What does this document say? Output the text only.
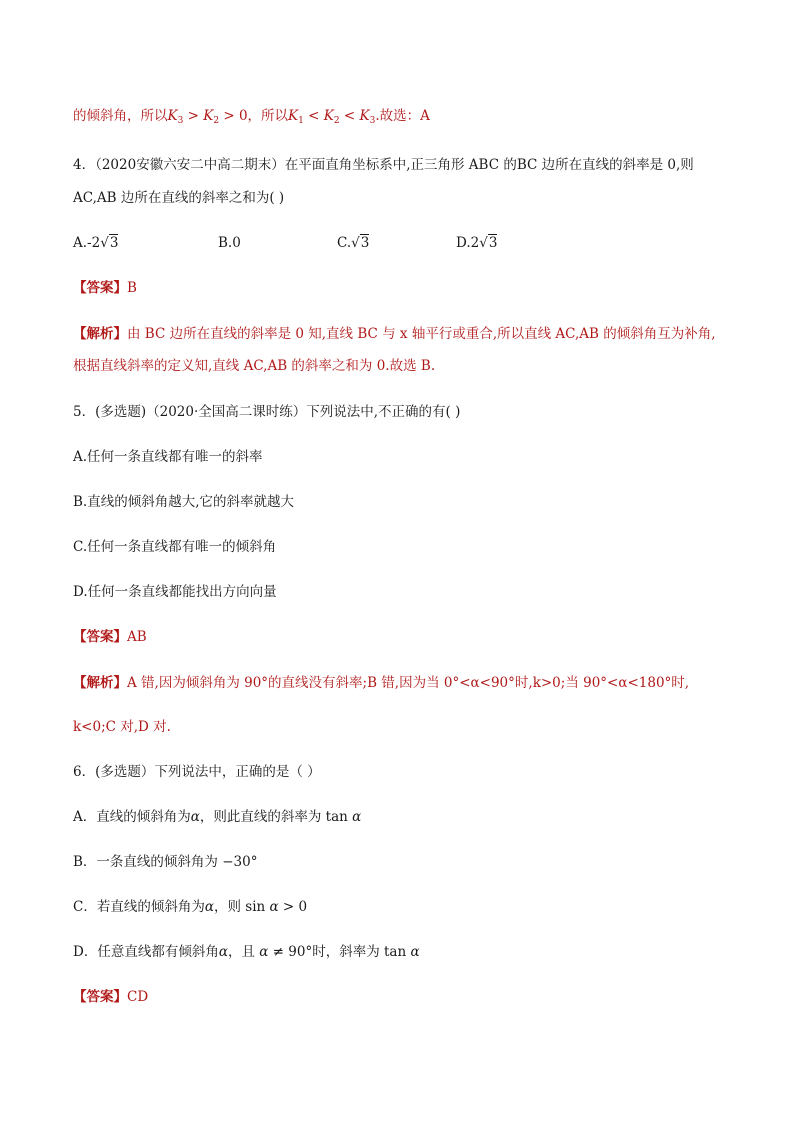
的倾斜角，所以$K_3 > K_2 > 0$，所以$K_1 < K_2 < K_3$.故选：A
4．（2020安徽六安二中高二期末）在平面直角坐标系中,正三角形 ABC 的BC 边所在直线的斜率是 0,则
AC,AB 边所在直线的斜率之和为( )
A.-2√3	B.0	C.√3	D.2√3
【答案】B
【解析】由 BC 边所在直线的斜率是 0 知,直线 BC 与 x 轴平行或重合,所以直线 AC,AB 的倾斜角互为补角,
根据直线斜率的定义知,直线 AC,AB 的斜率之和为 0.故选 B.
5．(多选题)（2020·全国高二课时练）下列说法中,不正确的有( )
A.任何一条直线都有唯一的斜率
B.直线的倾斜角越大,它的斜率就越大
C.任何一条直线都有唯一的倾斜角
D.任何一条直线都能找出方向向量
【答案】AB
【解析】A 错,因为倾斜角为 90°的直线没有斜率;B 错,因为当 0°<α<90°时,k>0;当 90°<α<180°时,
k<0;C 对,D 对.
6．(多选题）下列说法中，正确的是（ ）
A．直线的倾斜角为α，则此直线的斜率为 tan α
B．一条直线的倾斜角为 −30°
C．若直线的倾斜角为α，则 sin α > 0
D．任意直线都有倾斜角α，且 α ≠ 90°时，斜率为 tan α
【答案】CD
